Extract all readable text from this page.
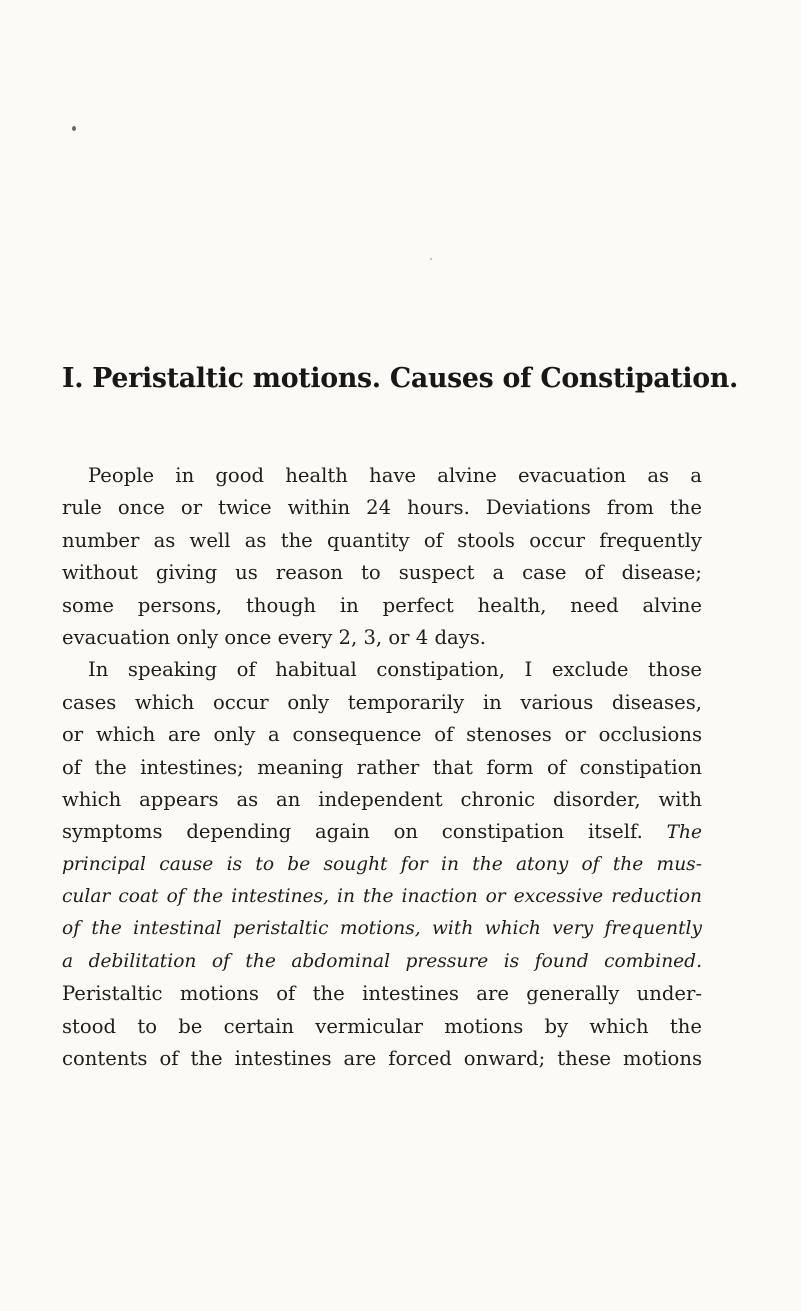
I. Peristaltic motions. Causes of Constipation.
People in good health have alvine evacuation as a
rule once or twice within 24 hours. Deviations from the
number as well as the quantity of stools occur frequently
without giving us reason to suspect a case of disease;
some persons, though in perfect health, need alvine
evacuation only once every 2, 3, or 4 days.
In speaking of habitual constipation, I exclude those
cases which occur only temporarily in various diseases,
or which are only a consequence of stenoses or occlusions
of the intestines; meaning rather that form of constipation
which appears as an independent chronic disorder, with
symptoms depending again on constipation itself. The
principal cause is to be sought for in the atony of the mus-
cular coat of the intestines, in the inaction or excessive reduction
of the intestinal peristaltic motions, with which very frequently
a debilitation of the abdominal pressure is found combined.
Peristaltic motions of the intestines are generally under-
stood to be certain vermicular motions by which the
contents of the intestines are forced onward; these motions
